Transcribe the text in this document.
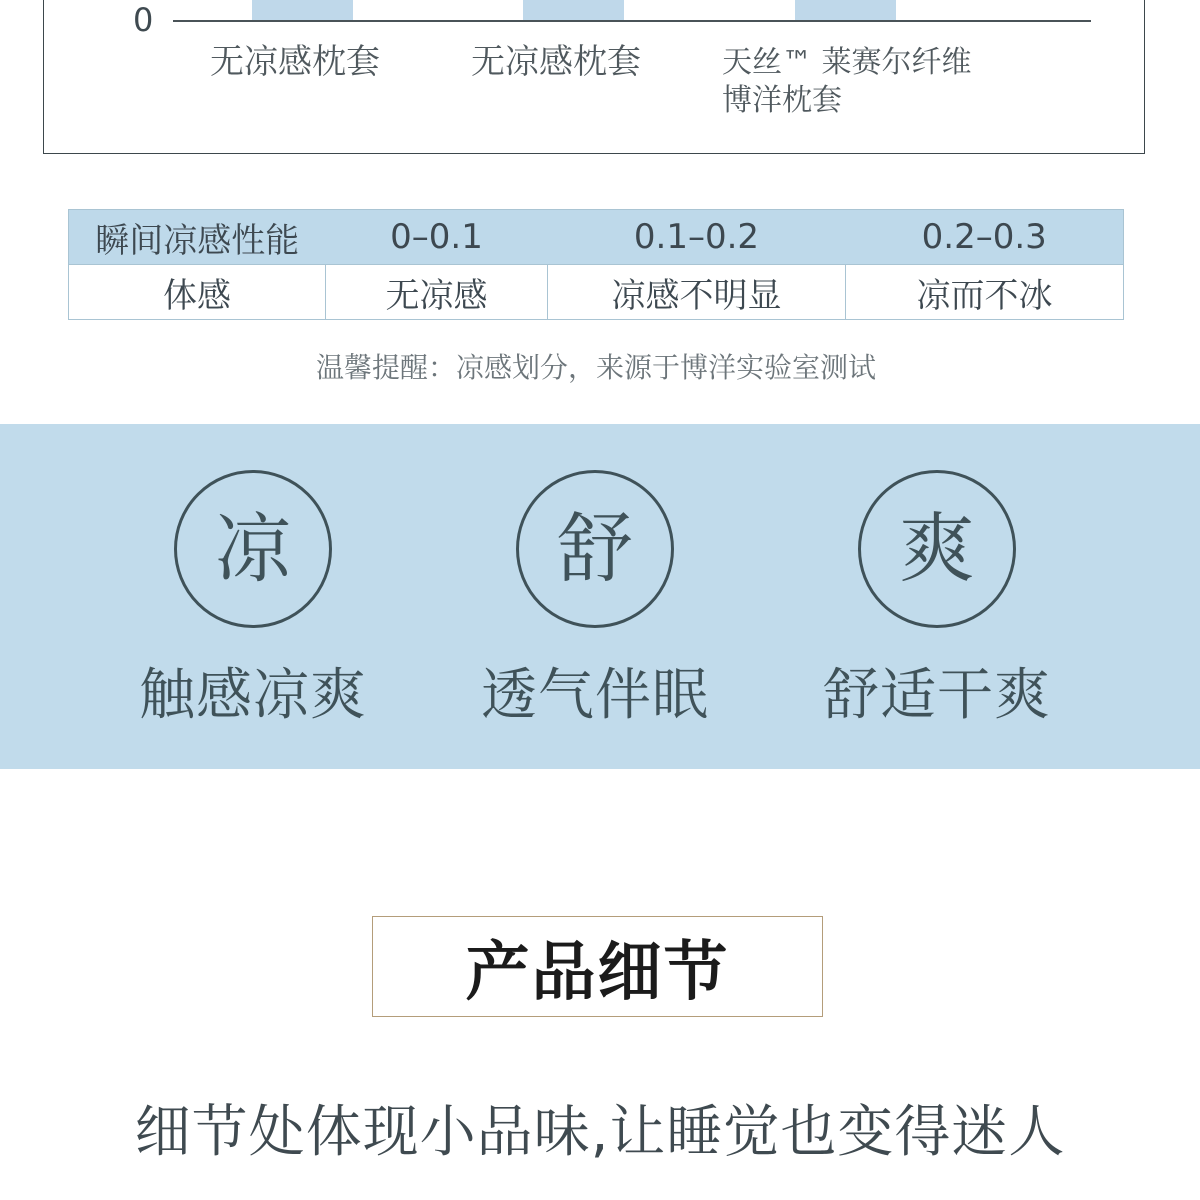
0
无凉感枕套	无凉感枕套	天丝™ 莱赛尔纤维
博洋枕套
瞬间凉感性能	0–0.1	0.1–0.2	0.2–0.3
体感	无凉感	凉感不明显	凉而不冰
温馨提醒：凉感划分，来源于博洋实验室测试
凉
触感凉爽
舒
透气伴眠
爽
舒适干爽
产品细节
细节处体现小品味,让睡觉也变得迷人
